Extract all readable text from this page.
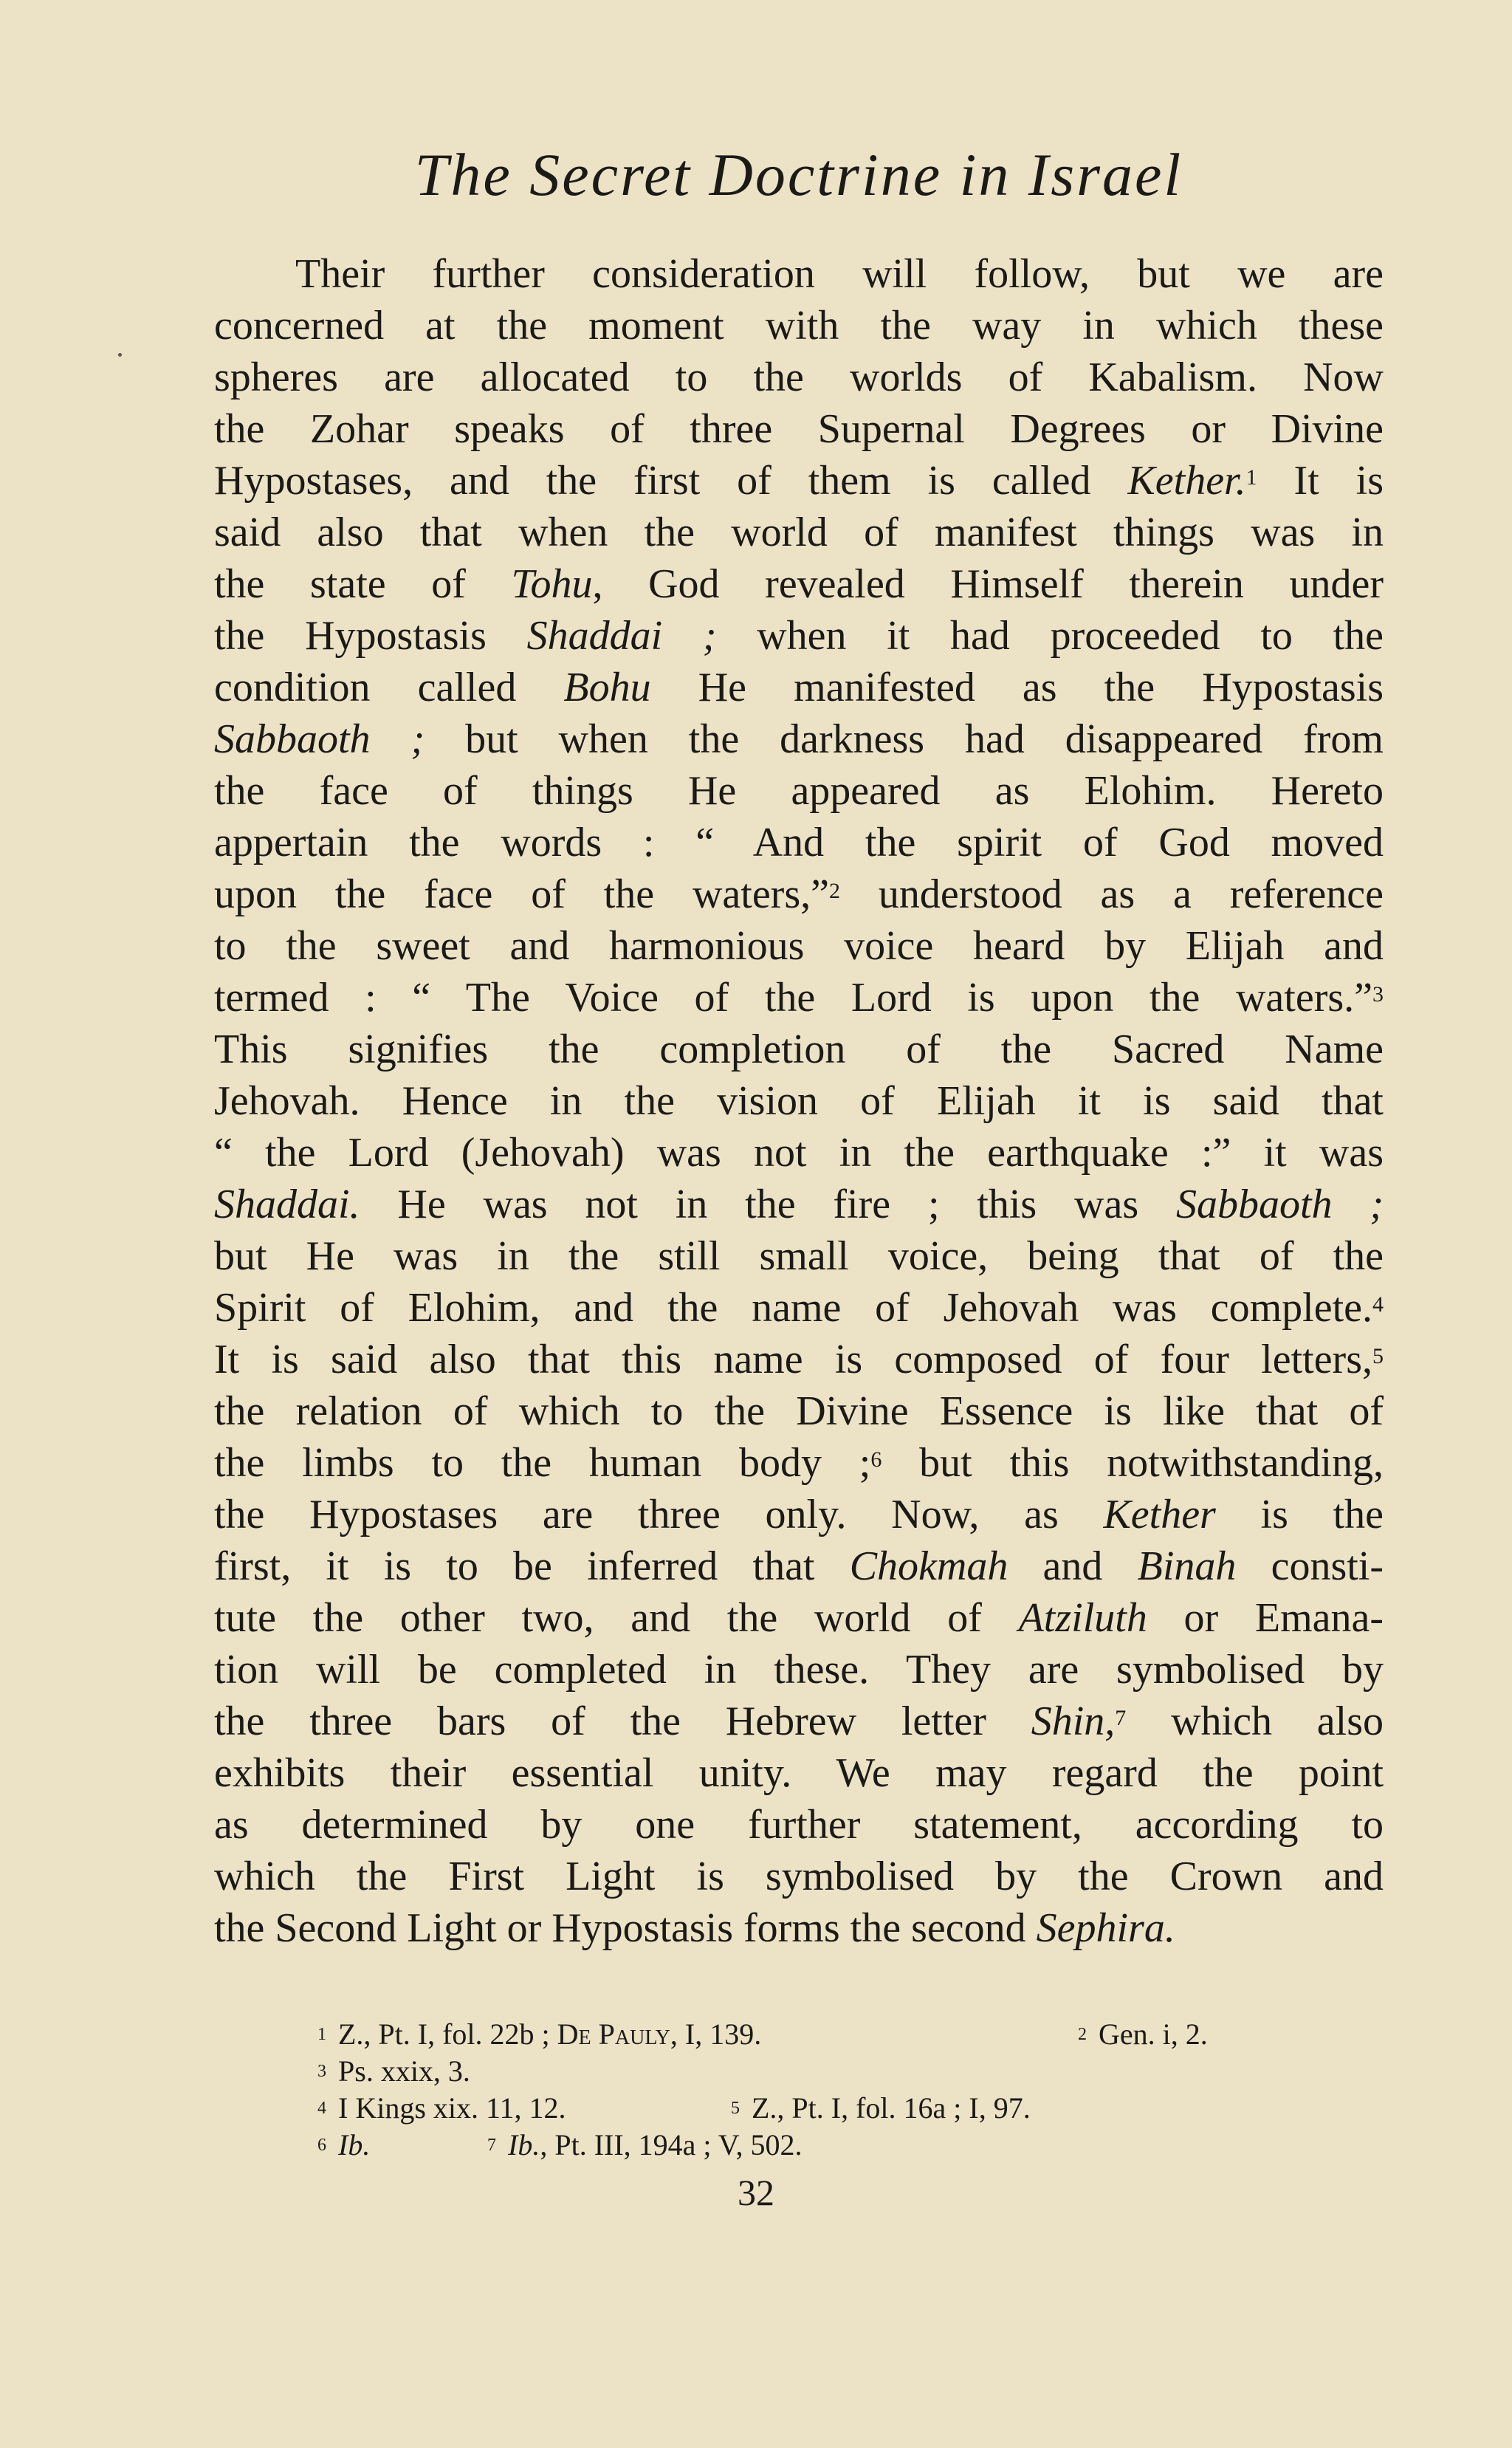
The Secret Doctrine in Israel
Their further consideration will follow, but we are
concerned at the moment with the way in which these
spheres are allocated to the worlds of Kabalism. Now
the Zohar speaks of three Supernal Degrees or Divine
Hypostases, and the first of them is called Kether.$^1$ It is
said also that when the world of manifest things was in
the state of Tohu, God revealed Himself therein under
the Hypostasis Shaddai ; when it had proceeded to the
condition called Bohu He manifested as the Hypostasis
Sabbaoth ; but when the darkness had disappeared from
the face of things He appeared as Elohim. Hereto
appertain the words : “ And the spirit of God moved
upon the face of the waters,”$^2$ understood as a reference
to the sweet and harmonious voice heard by Elijah and
termed : “ The Voice of the Lord is upon the waters.”$^3$
This signifies the completion of the Sacred Name
Jehovah. Hence in the vision of Elijah it is said that
“ the Lord (Jehovah) was not in the earthquake :” it was
Shaddai. He was not in the fire ; this was Sabbaoth ;
but He was in the still small voice, being that of the
Spirit of Elohim, and the name of Jehovah was complete.$^4$
It is said also that this name is composed of four letters,$^5$
the relation of which to the Divine Essence is like that of
the limbs to the human body ;$^6$ but this notwithstanding,
the Hypostases are three only. Now, as Kether is the
first, it is to be inferred that Chokmah and Binah consti-
tute the other two, and the world of Atziluth or Emana-
tion will be completed in these. They are symbolised by
the three bars of the Hebrew letter Shin,$^7$ which also
exhibits their essential unity. We may regard the point
as determined by one further statement, according to
which the First Light is symbolised by the Crown and
the Second Light or Hypostasis forms the second Sephira.
$^1$ Z., Pt. I, fol. 22b ; De Pauly, I, 139.	$^2$ Gen. i, 2.
$^3$ Ps. xxix, 3.
$^4$ I Kings xix. 11, 12.	$^5$ Z., Pt. I, fol. 16a ; I, 97.
$^6$ Ib.	$^7$ Ib., Pt. III, 194a ; V, 502.
32
